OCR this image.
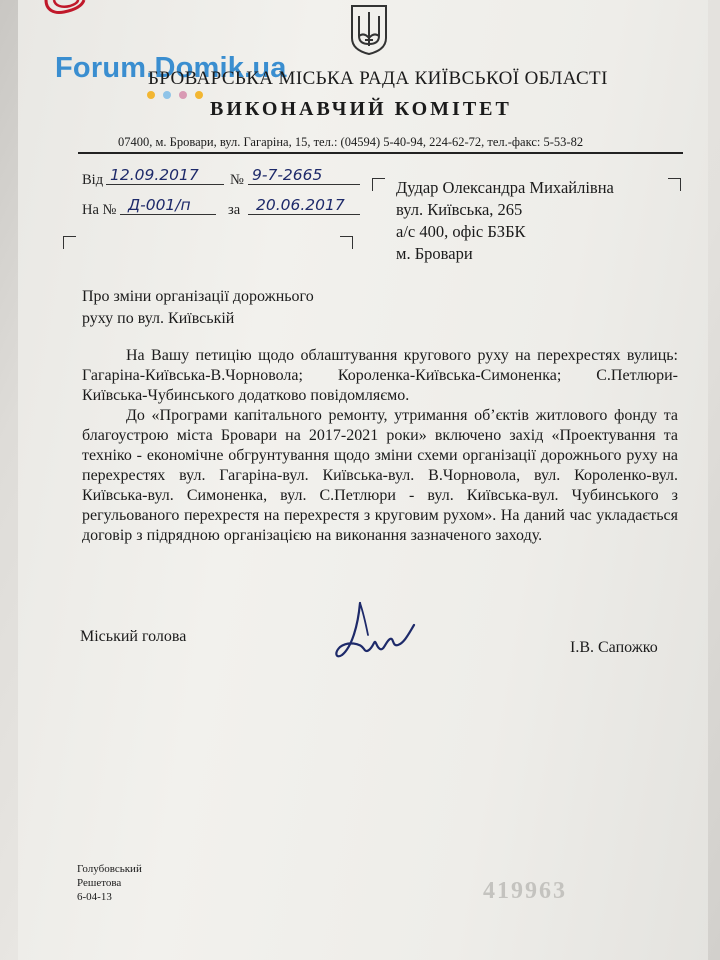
Forum.Domik.ua
БРОВАРСЬКА МІСЬКА РАДА КИЇВСЬКОЇ ОБЛАСТІ
ВИКОНАВЧИЙ КОМІТЕТ
07400, м. Бровари, вул. Гагаріна, 15, тел.: (04594) 5-40-94, 224-62-72, тел.-факс: 5-53-82
Від 12.09.2017 № 9-7-2665
На № Д-001/п	за 20.06.2017
Дудар Олександра Михайлівна
вул. Київська, 265
а/с 400, офіс БЗБК
м. Бровари
Про зміни організації дорожнього
руху по вул. Київській

На Вашу петицію щодо облаштування кругового руху на перехрестях вулиць: Гагаріна-Київська-В.Чорновола; Короленка-Київська-Симоненка; С.Петлюри-Київська-Чубинського додатково повідомляємо.

До «Програми капітального ремонту, утримання об’єктів житлового фонду та благоустрою міста Бровари на 2017-2021 роки» включено захід «Проектування та техніко - економічне обгрунтування щодо зміни схеми організації дорожнього руху на перехрестях вул. Гагаріна-вул. Київська-вул. В.Чорновола, вул. Короленко-вул. Київська-вул. Симоненка, вул. С.Петлюри - вул. Київська-вул. Чубинського з регульованого перехрестя на перехрестя з круговим рухом». На даний час укладається договір з підрядною організацією на виконання зазначеного заходу.

Міський голова
І.В. Сапожко
Голубовський
Решетова
6-04-13	419963
